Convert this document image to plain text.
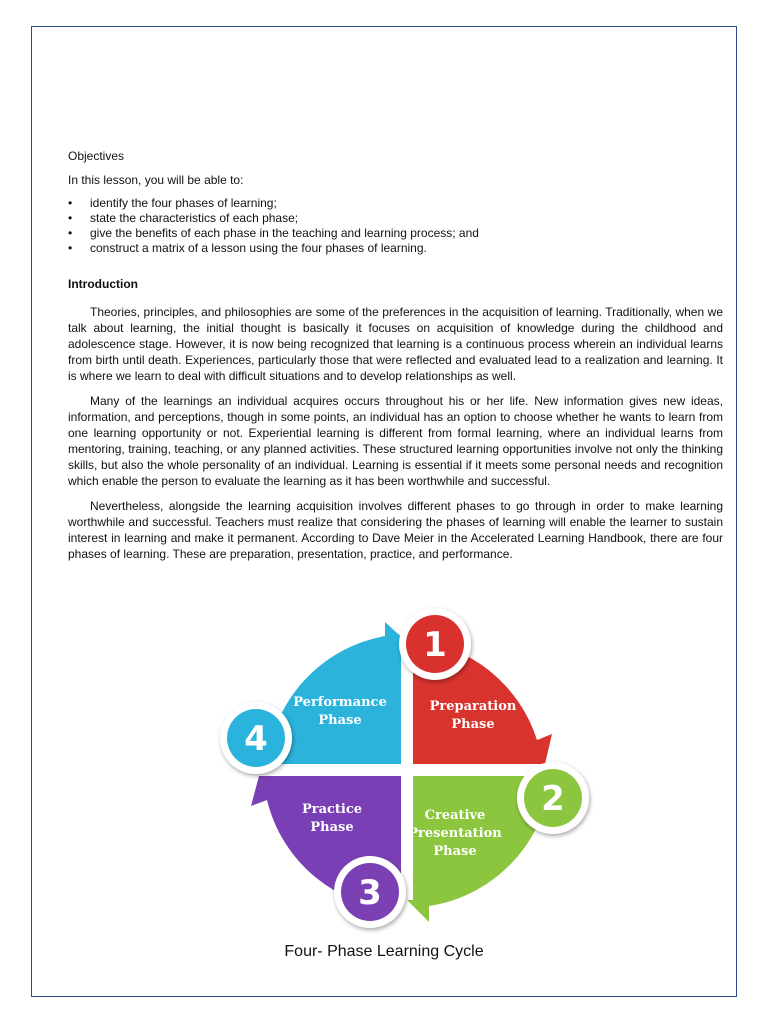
Objectives
In this lesson, you will be able to:
• identify the four phases of learning;
• state the characteristics of each phase;
• give the benefits of each phase in the teaching and learning process; and
• construct a matrix of a lesson using the four phases of learning.
Introduction

Theories, principles, and philosophies are some of the preferences in the acquisition of learning. Traditionally, when we talk about learning, the initial thought is basically it focuses on acquisition of knowledge during the childhood and adolescence stage. However, it is now being recognized that learning is a continuous process wherein an individual learns from birth until death. Experiences, particularly those that were reflected and evaluated lead to a realization and learning. It is where we learn to deal with difficult situations and to develop relationships as well.

Many of the learnings an individual acquires occurs throughout his or her life. New information gives new ideas, information, and perceptions, though in some points, an individual has an option to choose whether he wants to learn from one learning opportunity or not. Experiential learning is different from formal learning, where an individual learns from mentoring, training, teaching, or any planned activities. These structured learning opportunities involve not only the thinking skills, but also the whole personality of an individual. Learning is essential if it meets some personal needs and recognition which enable the person to evaluate the learning as it has been worthwhile and successful.

Nevertheless, alongside the learning acquisition involves different phases to go through in order to make learning worthwhile and successful. Teachers must realize that considering the phases of learning will enable the learner to sustain interest in learning and make it permanent. According to Dave Meier in the Accelerated Learning Handbook, there are four phases of learning. These are preparation, presentation, practice, and performance.

Preparation
Phase
Creative
Presentation
Phase
Practice
Phase
Performance
Phase
1
2
3
4
Four- Phase Learning Cycle
